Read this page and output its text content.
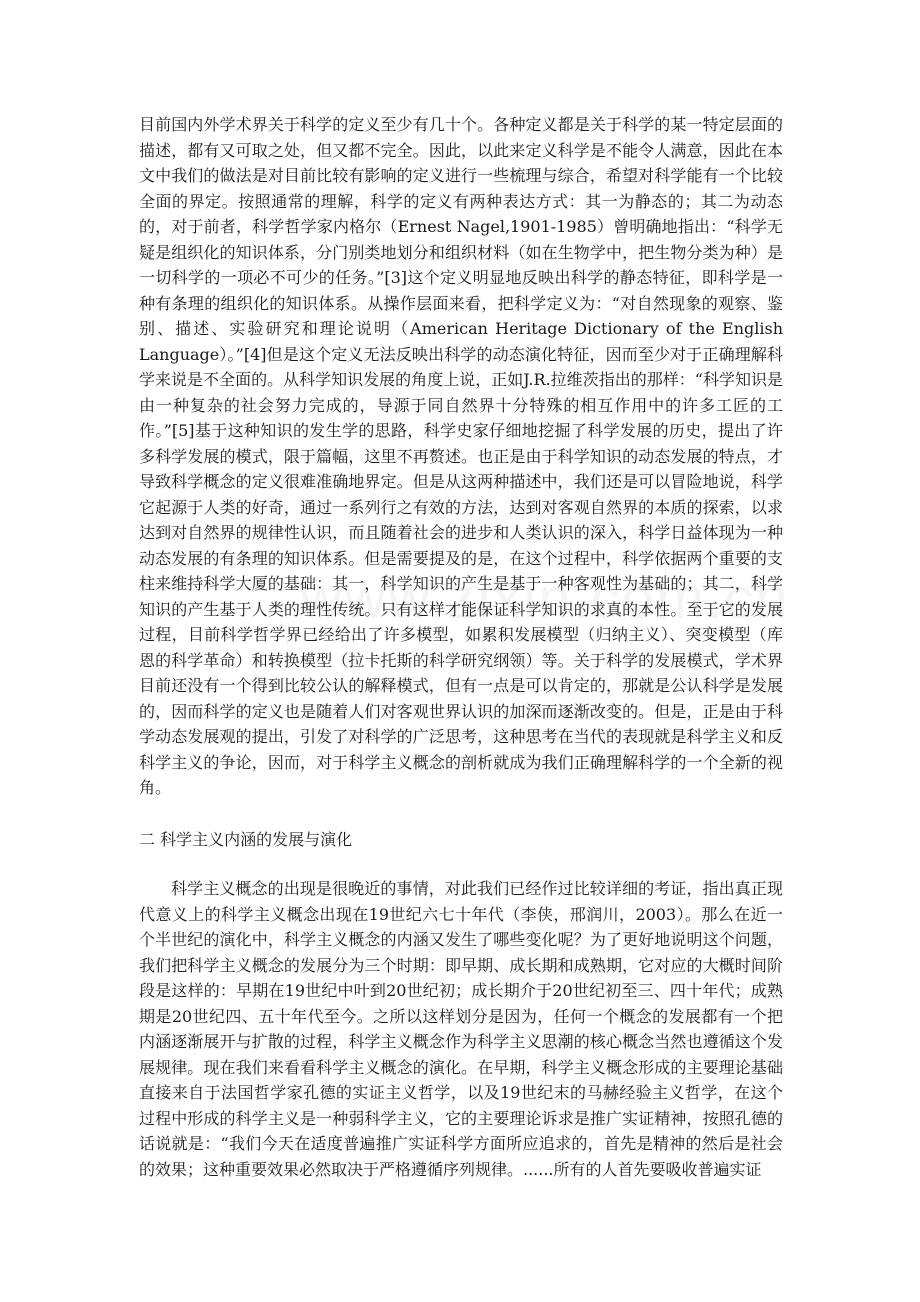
目前国内外学术界关于科学的定义至少有几十个。各种定义都是关于科学的某一特定层面的描述，都有又可取之处，但又都不完全。因此，以此来定义科学是不能令人满意，因此在本文中我们的做法是对目前比较有影响的定义进行一些梳理与综合，希望对科学能有一个比较全面的界定。按照通常的理解，科学的定义有两种表达方式：其一为静态的；其二为动态的，对于前者，科学哲学家内格尔（Ernest Nagel,1901-1985）曾明确地指出：“科学无疑是组织化的知识体系，分门别类地划分和组织材料（如在生物学中，把生物分类为种）是一切科学的一项必不可少的任务。”[3]这个定义明显地反映出科学的静态特征，即科学是一种有条理的组织化的知识体系。从操作层面来看，把科学定义为：“对自然现象的观察、鉴别、描述、实验研究和理论说明（American Heritage Dictionary of the English Language）。”[4]但是这个定义无法反映出科学的动态演化特征，因而至少对于正确理解科学来说是不全面的。从科学知识发展的角度上说，正如J.R.拉维茨指出的那样：“科学知识是由一种复杂的社会努力完成的，导源于同自然界十分特殊的相互作用中的许多工匠的工作。”[5]基于这种知识的发生学的思路，科学史家仔细地挖掘了科学发展的历史，提出了许多科学发展的模式，限于篇幅，这里不再赘述。也正是由于科学知识的动态发展的特点，才导致科学概念的定义很难准确地界定。但是从这两种描述中，我们还是可以冒险地说，科学它起源于人类的好奇，通过一系列行之有效的方法，达到对客观自然界的本质的探索，以求达到对自然界的规律性认识，而且随着社会的进步和人类认识的深入，科学日益体现为一种动态发展的有条理的知识体系。但是需要提及的是，在这个过程中，科学依据两个重要的支柱来维持科学大厦的基础：其一，科学知识的产生是基于一种客观性为基础的；其二，科学知识的产生基于人类的理性传统。只有这样才能保证科学知识的求真的本性。至于它的发展过程，目前科学哲学界已经给出了许多模型，如累积发展模型（归纳主义）、突变模型（库恩的科学革命）和转换模型（拉卡托斯的科学研究纲领）等。关于科学的发展模式，学术界目前还没有一个得到比较公认的解释模式，但有一点是可以肯定的，那就是公认科学是发展的，因而科学的定义也是随着人们对客观世界认识的加深而逐渐改变的。但是，正是由于科学动态发展观的提出，引发了对科学的广泛思考，这种思考在当代的表现就是科学主义和反科学主义的争论，因而，对于科学主义概念的剖析就成为我们正确理解科学的一个全新的视角。

二 科学主义内涵的发展与演化

科学主义概念的出现是很晚近的事情，对此我们已经作过比较详细的考证，指出真正现代意义上的科学主义概念出现在19世纪六七十年代（李侠，邢润川，2003）。那么在近一个半世纪的演化中，科学主义概念的内涵又发生了哪些变化呢？为了更好地说明这个问题，我们把科学主义概念的发展分为三个时期：即早期、成长期和成熟期，它对应的大概时间阶段是这样的：早期在19世纪中叶到20世纪初；成长期介于20世纪初至三、四十年代；成熟期是20世纪四、五十年代至今。之所以这样划分是因为，任何一个概念的发展都有一个把内涵逐渐展开与扩散的过程，科学主义概念作为科学主义思潮的核心概念当然也遵循这个发展规律。现在我们来看看科学主义概念的演化。在早期，科学主义概念形成的主要理论基础直接来自于法国哲学家孔德的实证主义哲学，以及19世纪末的马赫经验主义哲学，在这个过程中形成的科学主义是一种弱科学主义，它的主要理论诉求是推广实证精神，按照孔德的话说就是：“我们今天在适度普遍推广实证科学方面所应追求的，首先是精神的然后是社会的效果；这种重要效果必然取决于严格遵循序列规律。......所有的人首先要吸收普遍实证
